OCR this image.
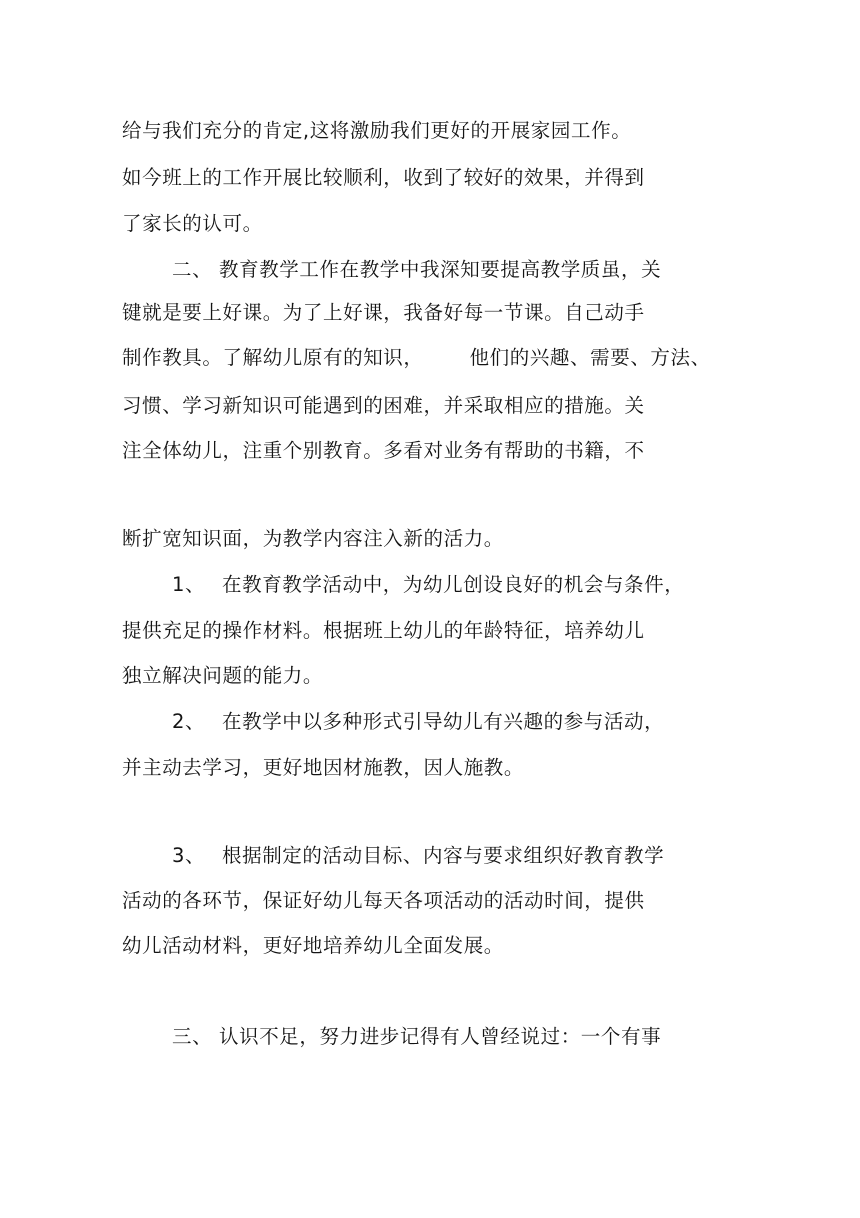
给与我们充分的肯定,这将激励我们更好的开展家园工作。

如今班上的工作开展比较顺利，收到了较好的效果，并得到

了家长的认可。

二、 教育教学工作在教学中我深知要提高教学质虽，关

键就是要上好课。为了上好课，我备好每一节课。自己动手

制作教具。了解幼儿原有的知识， 他们的兴趣、需要、方法、

习惯、学习新知识可能遇到的困难，并采取相应的措施。关

注全体幼儿，注重个别教育。多看对业务有帮助的书籍，不

断扩宽知识面，为教学内容注入新的活力。

1、 在教育教学活动中，为幼儿创设良好的机会与条件，

提供充足的操作材料。根据班上幼儿的年龄特征，培养幼儿

独立解决问题的能力。

2、 在教学中以多种形式引导幼儿有兴趣的参与活动，

并主动去学习，更好地因材施教，因人施教。

3、 根据制定的活动目标、内容与要求组织好教育教学

活动的各环节，保证好幼儿每天各项活动的活动时间，提供

幼儿活动材料，更好地培养幼儿全面发展。

三、 认识不足，努力进步记得有人曾经说过：一个有事
